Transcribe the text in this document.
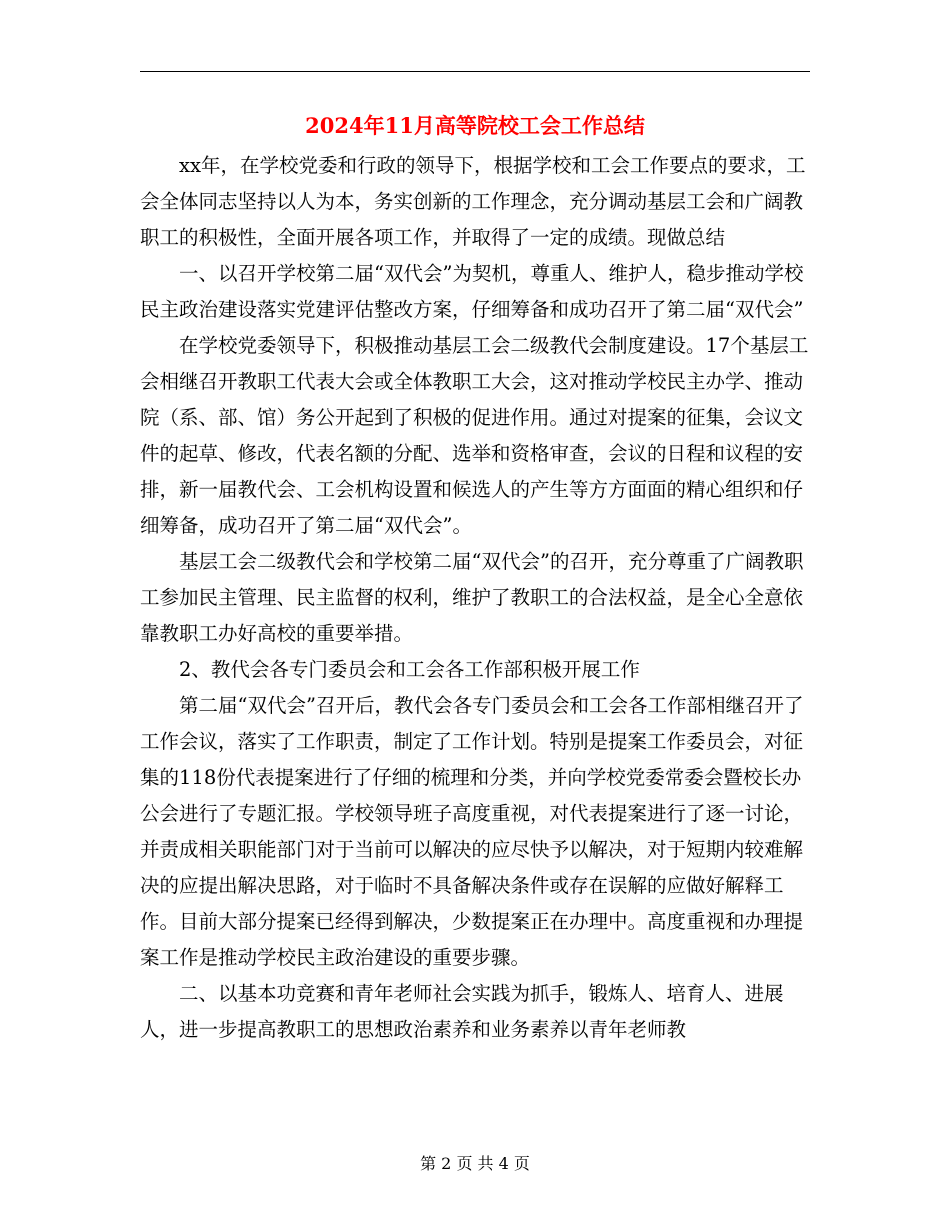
2024年11月高等院校工会工作总结

xx年，在学校党委和行政的领导下，根据学校和工会工作要点的要求，工会全体同志坚持以人为本，务实创新的工作理念，充分调动基层工会和广阔教职工的积极性，全面开展各项工作，并取得了一定的成绩。现做总结

一、以召开学校第二届“双代会”为契机，尊重人、维护人，稳步推动学校民主政治建设落实党建评估整改方案，仔细筹备和成功召开了第二届“双代会”

在学校党委领导下，积极推动基层工会二级教代会制度建设。17个基层工会相继召开教职工代表大会或全体教职工大会，这对推动学校民主办学、推动院（系、部、馆）务公开起到了积极的促进作用。通过对提案的征集，会议文件的起草、修改，代表名额的分配、选举和资格审查，会议的日程和议程的安排，新一届教代会、工会机构设置和候选人的产生等方方面面的精心组织和仔细筹备，成功召开了第二届“双代会”。

基层工会二级教代会和学校第二届“双代会”的召开，充分尊重了广阔教职工参加民主管理、民主监督的权利，维护了教职工的合法权益，是全心全意依靠教职工办好高校的重要举措。

2、教代会各专门委员会和工会各工作部积极开展工作

第二届“双代会”召开后，教代会各专门委员会和工会各工作部相继召开了工作会议，落实了工作职责，制定了工作计划。特别是提案工作委员会，对征集的118份代表提案进行了仔细的梳理和分类，并向学校党委常委会暨校长办公会进行了专题汇报。学校领导班子高度重视，对代表提案进行了逐一讨论，并责成相关职能部门对于当前可以解决的应尽快予以解决，对于短期内较难解决的应提出解决思路，对于临时不具备解决条件或存在误解的应做好解释工作。目前大部分提案已经得到解决，少数提案正在办理中。高度重视和办理提案工作是推动学校民主政治建设的重要步骤。

二、以基本功竞赛和青年老师社会实践为抓手，锻炼人、培育人、进展人，进一步提高教职工的思想政治素养和业务素养以青年老师教

第 2 页 共 4 页
